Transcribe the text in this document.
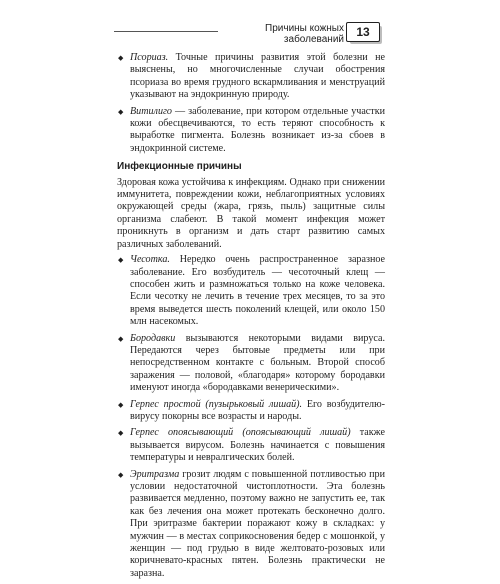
Причины кожных заболеваний
13
◆ Псориаз. Точные причины развития этой болезни не выяснены, но многочисленные случаи обострения псориаза во время грудного вскармливания и менструаций указывают на эндокринную природу.
◆ Витилиго — заболевание, при котором отдельные участки кожи обесцвечиваются, то есть теряют способность к выработке пигмента. Болезнь возникает из-за сбоев в эндокринной системе.
Инфекционные причины
Здоровая кожа устойчива к инфекциям. Однако при снижении иммунитета, повреждении кожи, неблагоприятных условиях окружающей среды (жара, грязь, пыль) защитные силы организма слабеют. В такой момент инфекция может проникнуть в организм и дать старт развитию самых различных заболеваний.
◆ Чесотка. Нередко очень распространенное заразное заболевание. Его возбудитель — чесоточный клещ — способен жить и размножаться только на коже человека. Если чесотку не лечить в течение трех месяцев, то за это время выведется шесть поколений клещей, или около 150 млн насекомых.
◆ Бородавки вызываются некоторыми видами вируса. Передаются через бытовые предметы или при непосредственном контакте с больным. Второй способ заражения — половой, «благодаря» которому бородавки именуют иногда «бородавками венерическими».
◆ Герпес простой (пузырьковый лишай). Его возбудителю-вирусу покорны все возрасты и народы.
◆ Герпес опоясывающий (опоясывающий лишай) также вызывается вирусом. Болезнь начинается с повышения температуры и невралгических болей.
◆ Эритразма грозит людям с повышенной потливостью при условии недостаточной чистоплотности. Эта болезнь развивается медленно, поэтому важно не запустить ее, так как без лечения она может протекать бесконечно долго. При эритразме бактерии поражают кожу в складках: у мужчин — в местах соприкосновения бедер с мошонкой, у женщин — под грудью в виде желтовато-розовых или коричневато-красных пятен. Болезнь практически не заразна.
